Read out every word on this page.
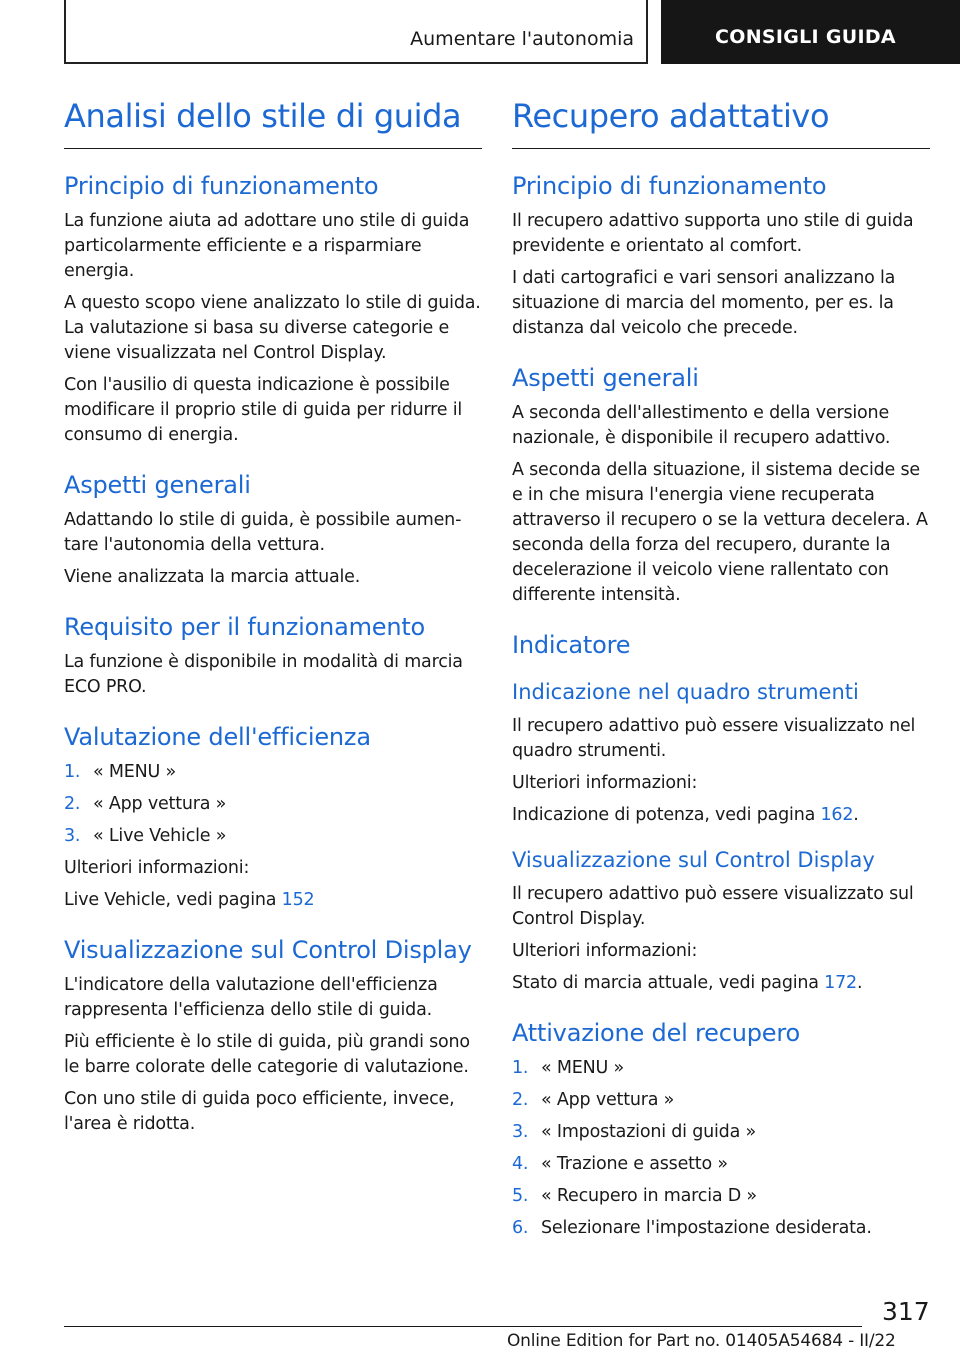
Aumentare l'autonomia	CONSIGLI GUIDA
Analisi dello stile di guida
Principio di funzionamento

La funzione aiuta ad adottare uno stile di guida particolarmente efficiente e a risparmiare energia.

A questo scopo viene analizzato lo stile di guida. La valutazione si basa su diverse categorie e viene visualizzata nel Control Display.

Con l'ausilio di questa indicazione è possibile modificare il proprio stile di guida per ridurre il consumo di energia.

Aspetti generali

Adattando lo stile di guida, è possibile aumentare l'autonomia della vettura.

Viene analizzata la marcia attuale.

Requisito per il funzionamento

La funzione è disponibile in modalità di marcia ECO PRO.

Valutazione dell'efficienza
1. « MENU »
2. « App vettura »
3. « Live Vehicle »

Ulteriori informazioni:

Live Vehicle, vedi pagina 152

Visualizzazione sul Control Display

L'indicatore della valutazione dell'efficienza rappresenta l'efficienza dello stile di guida.

Più efficiente è lo stile di guida, più grandi sono le barre colorate delle categorie di valutazione.

Con uno stile di guida poco efficiente, invece, l'area è ridotta.

Recupero adattativo
Principio di funzionamento

Il recupero adattivo supporta uno stile di guida previdente e orientato al comfort.

I dati cartografici e vari sensori analizzano la situazione di marcia del momento, per es. la distanza dal veicolo che precede.

Aspetti generali

A seconda dell'allestimento e della versione nazionale, è disponibile il recupero adattivo.

A seconda della situazione, il sistema decide se e in che misura l'energia viene recuperata attraverso il recupero o se la vettura decelera. A seconda della forza del recupero, durante la decelerazione il veicolo viene rallentato con differente intensità.

Indicatore
Indicazione nel quadro strumenti

Il recupero adattivo può essere visualizzato nel quadro strumenti.

Ulteriori informazioni:

Indicazione di potenza, vedi pagina 162.

Visualizzazione sul Control Display

Il recupero adattivo può essere visualizzato sul Control Display.

Ulteriori informazioni:

Stato di marcia attuale, vedi pagina 172.

Attivazione del recupero
1. « MENU »
2. « App vettura »
3. « Impostazioni di guida »
4. « Trazione e assetto »
5. « Recupero in marcia D »
6. Selezionare l'impostazione desiderata.
317
Online Edition for Part no. 01405A54684 - II/22
